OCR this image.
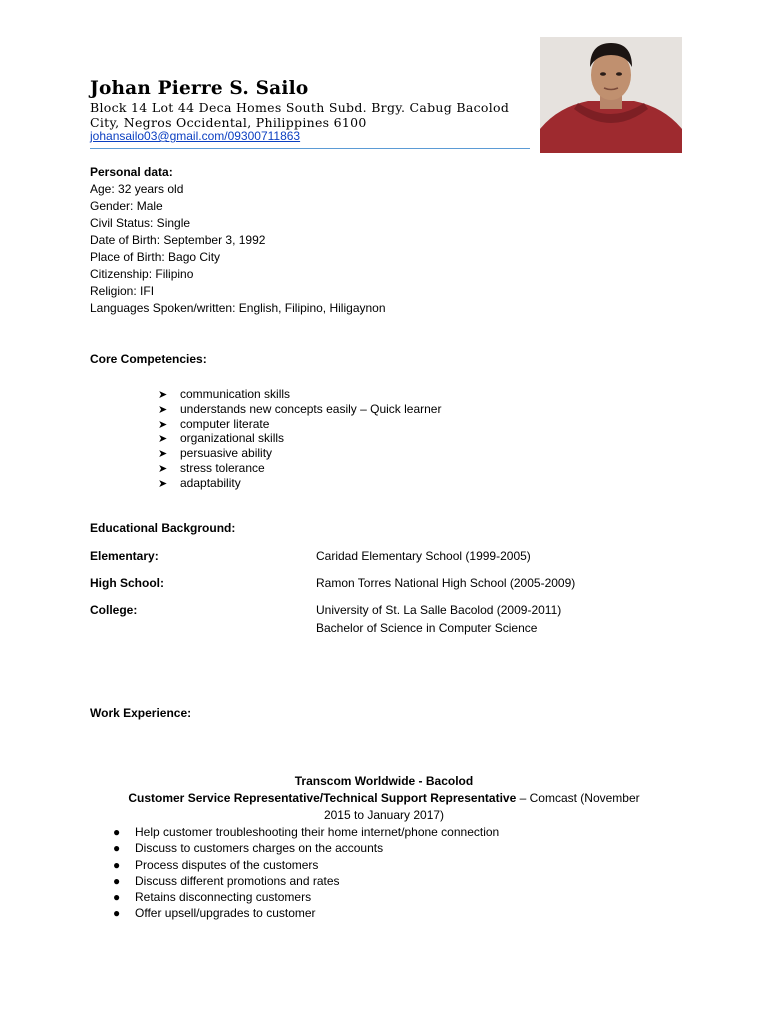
Johan Pierre S. Sailo
Block 14 Lot 44 Deca Homes South Subd. Brgy. Cabug Bacolod
City, Negros Occidental, Philippines 6100
johansailo03@gmail.com/09300711863
Personal data:
Age: 32 years old
Gender: Male
Civil Status: Single
Date of Birth: September 3, 1992
Place of Birth: Bago City
Citizenship: Filipino
Religion: IFI
Languages Spoken/written: English, Filipino, Hiligaynon
Core Competencies:
➤ communication skills
➤ understands new concepts easily – Quick learner
➤ computer literate
➤ organizational skills
➤ persuasive ability
➤ stress tolerance
➤ adaptability
Educational Background:
Elementary:	Caridad Elementary School (1999-2005)
High School:	Ramon Torres National High School (2005-2009)
College:	University of St. La Salle Bacolod (2009-2011)
Bachelor of Science in Computer Science
Work Experience:
Transcom Worldwide - Bacolod
Customer Service Representative/Technical Support Representative – Comcast (November
2015 to January 2017)
● Help customer troubleshooting their home internet/phone connection
● Discuss to customers charges on the accounts
● Process disputes of the customers
● Discuss different promotions and rates
● Retains disconnecting customers
● Offer upsell/upgrades to customer
